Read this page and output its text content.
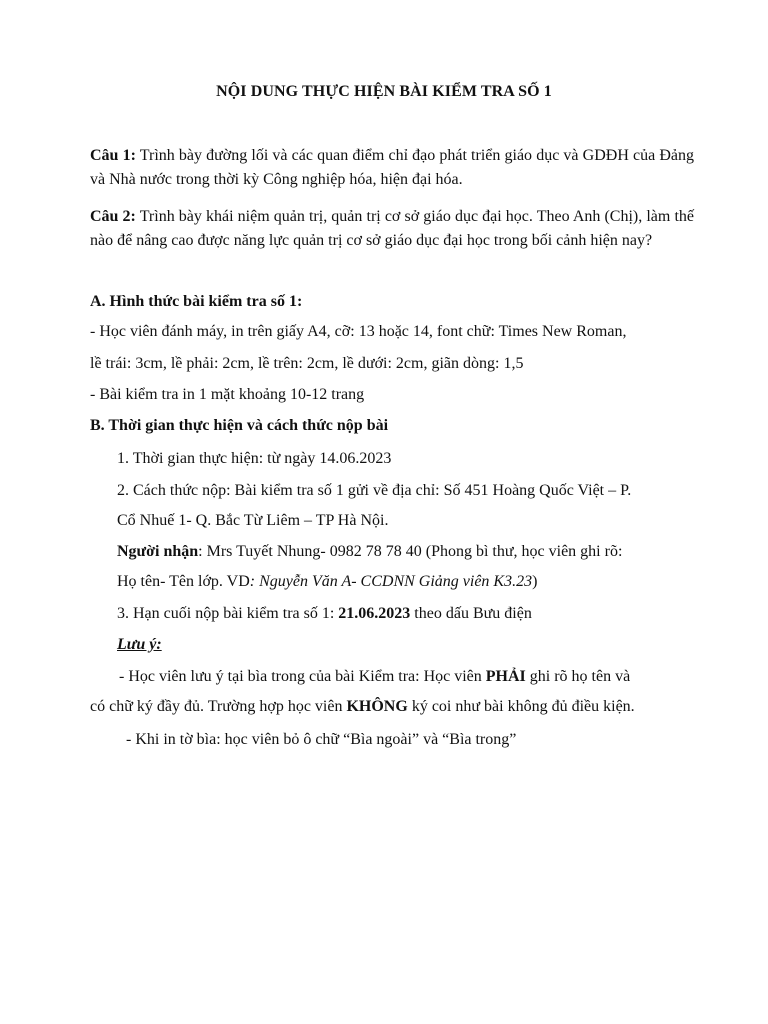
NỘI DUNG THỰC HIỆN BÀI KIỂM TRA SỐ 1
Câu 1: Trình bày đường lối và các quan điểm chỉ đạo phát triển giáo dục và GDĐH của Đảng và Nhà nước trong thời kỳ Công nghiệp hóa, hiện đại hóa.
Câu 2: Trình bày khái niệm quản trị, quản trị cơ sở giáo dục đại học. Theo Anh (Chị), làm thế nào để nâng cao được năng lực quản trị cơ sở giáo dục đại học trong bối cảnh hiện nay?
A. Hình thức bài kiểm tra số 1:
- Học viên đánh máy, in trên giấy A4, cỡ: 13 hoặc 14, font chữ: Times New Roman,
lề trái: 3cm, lề phải: 2cm, lề trên: 2cm, lề dưới: 2cm, giãn dòng: 1,5
- Bài kiểm tra in 1 mặt khoảng 10-12 trang
B. Thời gian thực hiện và cách thức nộp bài
1. Thời gian thực hiện: từ ngày 14.06.2023
2. Cách thức nộp: Bài kiểm tra số 1 gửi về địa chỉ: Số 451 Hoàng Quốc Việt – P.
Cổ Nhuế 1- Q. Bắc Từ Liêm – TP Hà Nội.
Người nhận: Mrs Tuyết Nhung- 0982 78 78 40 (Phong bì thư, học viên ghi rõ:
Họ tên- Tên lớp. VD: Nguyễn Văn A- CCDNN Giảng viên K3.23)
3. Hạn cuối nộp bài kiểm tra số 1: 21.06.2023 theo dấu Bưu điện
Lưu ý:
- Học viên lưu ý tại bìa trong của bài Kiểm tra: Học viên PHẢI ghi rõ họ tên và
có chữ ký đầy đủ. Trường hợp học viên KHÔNG ký coi như bài không đủ điều kiện.
- Khi in tờ bìa: học viên bỏ ô chữ “Bìa ngoài” và “Bìa trong”
